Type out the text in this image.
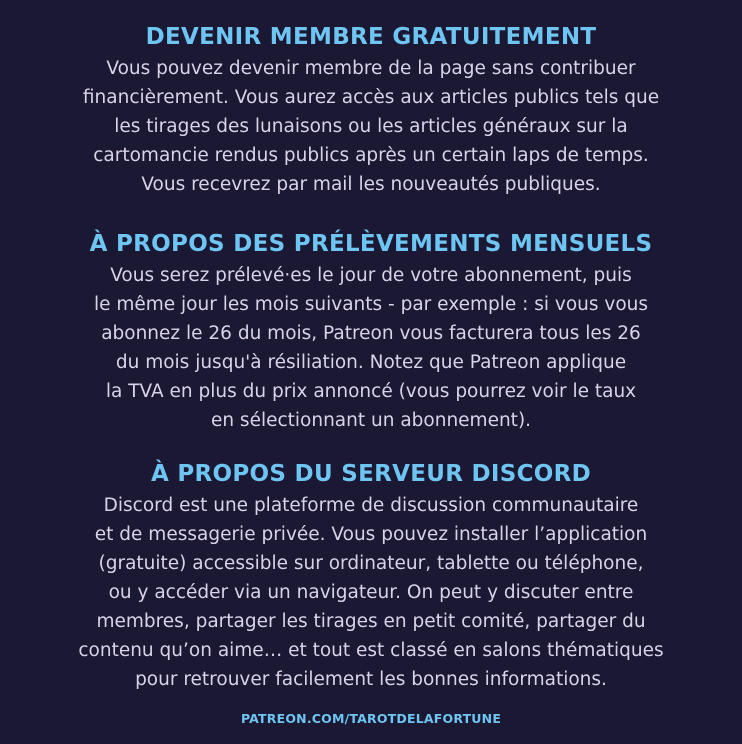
DEVENIR MEMBRE GRATUITEMENT
Vous pouvez devenir membre de la page sans contribuer
financièrement. Vous aurez accès aux articles publics tels que
les tirages des lunaisons ou les articles généraux sur la
cartomancie rendus publics après un certain laps de temps.
Vous recevrez par mail les nouveautés publiques.
À PROPOS DES PRÉLÈVEMENTS MENSUELS
Vous serez prélevé·es le jour de votre abonnement, puis
le même jour les mois suivants - par exemple : si vous vous
abonnez le 26 du mois, Patreon vous facturera tous les 26
du mois jusqu'à résiliation. Notez que Patreon applique
la TVA en plus du prix annoncé (vous pourrez voir le taux
en sélectionnant un abonnement).
À PROPOS DU SERVEUR DISCORD
Discord est une plateforme de discussion communautaire
et de messagerie privée. Vous pouvez installer l’application
(gratuite) accessible sur ordinateur, tablette ou téléphone,
ou y accéder via un navigateur. On peut y discuter entre
membres, partager les tirages en petit comité, partager du
contenu qu’on aime… et tout est classé en salons thématiques
pour retrouver facilement les bonnes informations.
PATREON.COM/TAROTDELAFORTUNE
